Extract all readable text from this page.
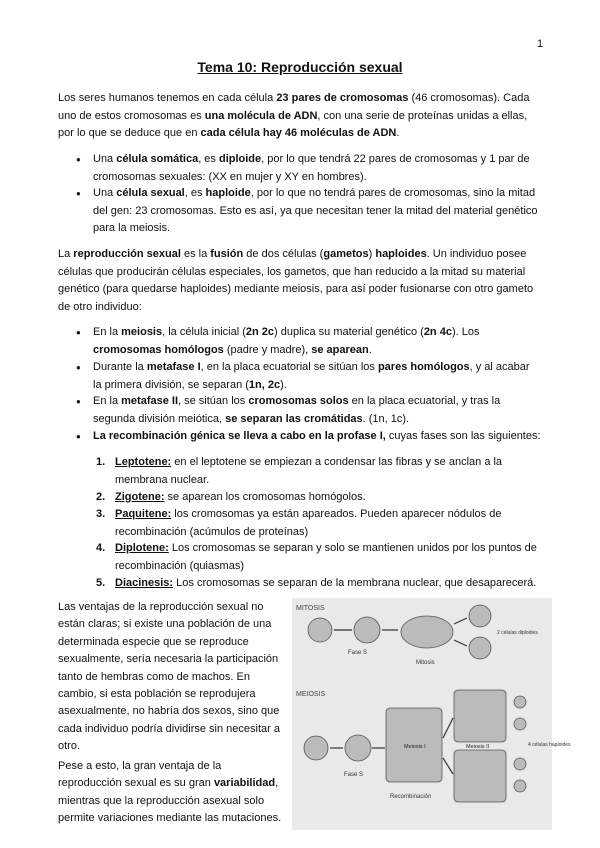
1
Tema 10: Reproducción sexual

Los seres humanos tenemos en cada célula 23 pares de cromosomas (46 cromosomas). Cada uno de estos cromosomas es una molécula de ADN, con una serie de proteínas unidas a ellas, por lo que se deduce que en cada célula hay 46 moléculas de ADN.

● Una célula somática, es diploide, por lo que tendrá 22 pares de cromosomas y 1 par de cromosomas sexuales: (XX en mujer y XY en hombres).

● Una célula sexual, es haploide, por lo que no tendrá pares de cromosomas, sino la mitad del gen: 23 cromosomas. Esto es así, ya que necesitan tener la mitad del material genético para la meiosis.

La reproducción sexual es la fusión de dos células (gametos) haploides. Un individuo posee células que producirán células especiales, los gametos, que han reducido a la mitad su material genético (para quedarse haploides) mediante meiosis, para así poder fusionarse con otro gameto de otro individuo:

● En la meiosis, la célula inicial (2n 2c) duplica su material genético (2n 4c). Los cromosomas homólogos (padre y madre), se aparean.

● Durante la metafase I, en la placa ecuatorial se sitúan los pares homólogos, y al acabar la primera división, se separan (1n, 2c).

● En la metafase II, se sitúan los cromosomas solos en la placa ecuatorial, y tras la segunda división meiótica, se separan las cromátidas. (1n, 1c).

● La recombinación génica se lleva a cabo en la profase I, cuyas fases son las siguientes:

1. Leptotene: en el leptotene se empiezan a condensar las fibras y se anclan a la membrana nuclear.

2. Zigotene: se aparean los cromosomas homógolos.

3. Paquitene: los cromosomas ya están apareados. Pueden aparecer nódulos de recombinación (acúmulos de proteínas)

4. Diplotene: Los cromosomas se separan y solo se mantienen unidos por los puntos de recombinación (quiasmas)

5. Diacinesis: Los cromosomas se separan de la membrana nuclear, que desaparecerá.

Las ventajas de la reproducción sexual no están claras; si existe una población de una determinada especie que se reproduce sexualmente, sería necesaria la participación tanto de hembras como de machos. En cambio, si esta población se reprodujera asexualmente, no habría dos sexos, sino que cada individuo podría dividirse sin necesitar a otro.

Pese a esto, la gran ventaja de la reproducción sexual es su gran variabilidad, mientras que la reproducción asexual solo permite variaciones mediante las mutaciones.

MITOSIS
Fase S
Mitosis
2 células diploides
MEIOSIS
Fase S
Meiosis I	Meiosis II
Recombinación
4 células haploides
